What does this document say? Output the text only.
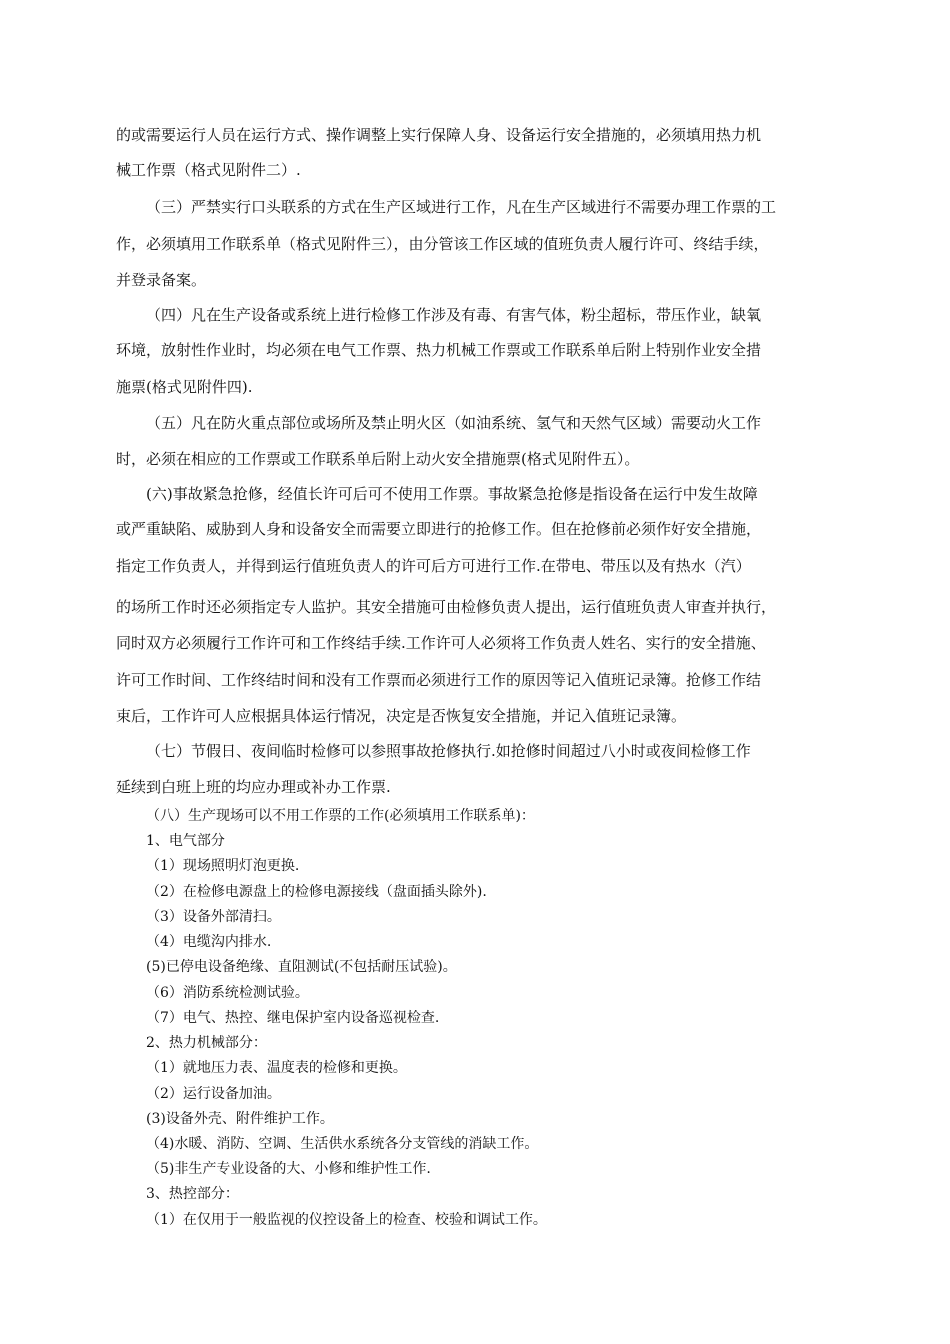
的或需要运行人员在运行方式、操作调整上实行保障人身、设备运行安全措施的，必须填用热力机
械工作票（格式见附件二）.
（三）严禁实行口头联系的方式在生产区域进行工作，凡在生产区域进行不需要办理工作票的工
作，必须填用工作联系单（格式见附件三），由分管该工作区域的值班负责人履行许可、终结手续，
并登录备案。
（四）凡在生产设备或系统上进行检修工作涉及有毒、有害气体，粉尘超标，带压作业，缺氧
环境，放射性作业时，均必须在电气工作票、热力机械工作票或工作联系单后附上特别作业安全措
施票(格式见附件四).
（五）凡在防火重点部位或场所及禁止明火区（如油系统、氢气和天然气区域）需要动火工作
时，必须在相应的工作票或工作联系单后附上动火安全措施票(格式见附件五）。
(六)事故紧急抢修，经值长许可后可不使用工作票。事故紧急抢修是指设备在运行中发生故障
或严重缺陷、威胁到人身和设备安全而需要立即进行的抢修工作。但在抢修前必须作好安全措施，
指定工作负责人，并得到运行值班负责人的许可后方可进行工作.在带电、带压以及有热水（汽）
的场所工作时还必须指定专人监护。其安全措施可由检修负责人提出，运行值班负责人审查并执行，
同时双方必须履行工作许可和工作终结手续.工作许可人必须将工作负责人姓名、实行的安全措施、
许可工作时间、工作终结时间和没有工作票而必须进行工作的原因等记入值班记录簿。抢修工作结
束后，工作许可人应根据具体运行情况，决定是否恢复安全措施，并记入值班记录簿。
（七）节假日、夜间临时检修可以参照事故抢修执行.如抢修时间超过八小时或夜间检修工作
延续到白班上班的均应办理或补办工作票.
（八）生产现场可以不用工作票的工作(必须填用工作联系单)：
1、电气部分
（1）现场照明灯泡更换.
（2）在检修电源盘上的检修电源接线（盘面插头除外).
（3）设备外部清扫。
（4）电缆沟内排水.
(5)已停电设备绝缘、直阻测试(不包括耐压试验)。
（6）消防系统检测试验。
（7）电气、热控、继电保护室内设备巡视检查.
2、热力机械部分：
（1）就地压力表、温度表的检修和更换。
（2）运行设备加油。
(3)设备外壳、附件维护工作。
（4)水暖、消防、空调、生活供水系统各分支管线的消缺工作。
（5)非生产专业设备的大、小修和维护性工作.
3、热控部分：
（1）在仅用于一般监视的仪控设备上的检查、校验和调试工作。
